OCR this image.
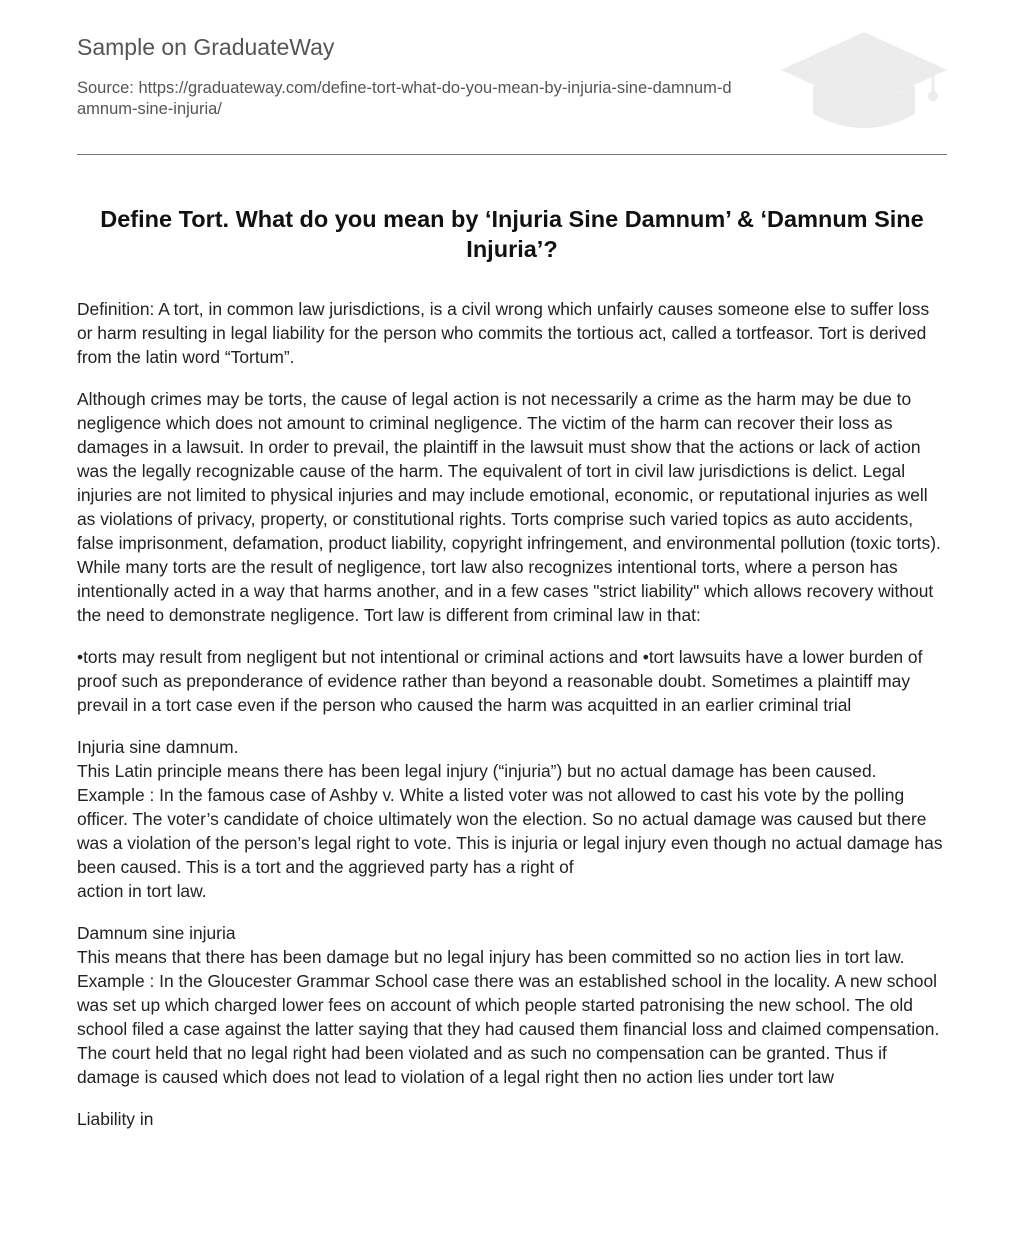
Sample on GraduateWay
Source: https://graduateway.com/define-tort-what-do-you-mean-by-injuria-sine-damnum-damnum-sine-injuria/
Define Tort. What do you mean by ‘Injuria Sine Damnum’ & ‘Damnum Sine Injuria’?

Definition: A tort, in common law jurisdictions, is a civil wrong which unfairly causes someone else to suffer loss or harm resulting in legal liability for the person who commits the tortious act, called a tortfeasor. Tort is derived from the latin word “Tortum”.

Although crimes may be torts, the cause of legal action is not necessarily a crime as the harm may be due to negligence which does not amount to criminal negligence. The victim of the harm can recover their loss as damages in a lawsuit. In order to prevail, the plaintiff in the lawsuit must show that the actions or lack of action was the legally recognizable cause of the harm. The equivalent of tort in civil law jurisdictions is delict. Legal injuries are not limited to physical injuries and may include emotional, economic, or reputational injuries as well as violations of privacy, property, or constitutional rights. Torts comprise such varied topics as auto accidents, false imprisonment, defamation, product liability, copyright infringement, and environmental pollution (toxic torts). While many torts are the result of negligence, tort law also recognizes intentional torts, where a person has intentionally acted in a way that harms another, and in a few cases "strict liability" which allows recovery without the need to demonstrate negligence. Tort law is different from criminal law in that:

•torts may result from negligent but not intentional or criminal actions and •tort lawsuits have a lower burden of proof such as preponderance of evidence rather than beyond a reasonable doubt. Sometimes a plaintiff may prevail in a tort case even if the person who caused the harm was acquitted in an earlier criminal trial

Injuria sine damnum.
This Latin principle means there has been legal injury (“injuria”) but no actual damage has been caused.
Example : In the famous case of Ashby v. White a listed voter was not allowed to cast his vote by the polling officer. The voter’s candidate of choice ultimately won the election. So no actual damage was caused but there was a violation of the person’s legal right to vote. This is injuria or legal injury even though no actual damage has been caused. This is a tort and the aggrieved party has a right of
action in tort law.

Damnum sine injuria
This means that there has been damage but no legal injury has been committed so no action lies in tort law.
Example : In the Gloucester Grammar School case there was an established school in the locality. A new school was set up which charged lower fees on account of which people started patronising the new school. The old school filed a case against the latter saying that they had caused them financial loss and claimed compensation. The court held that no legal right had been violated and as such no compensation can be granted. Thus if damage is caused which does not lead to violation of a legal right then no action lies under tort law

Liability in
